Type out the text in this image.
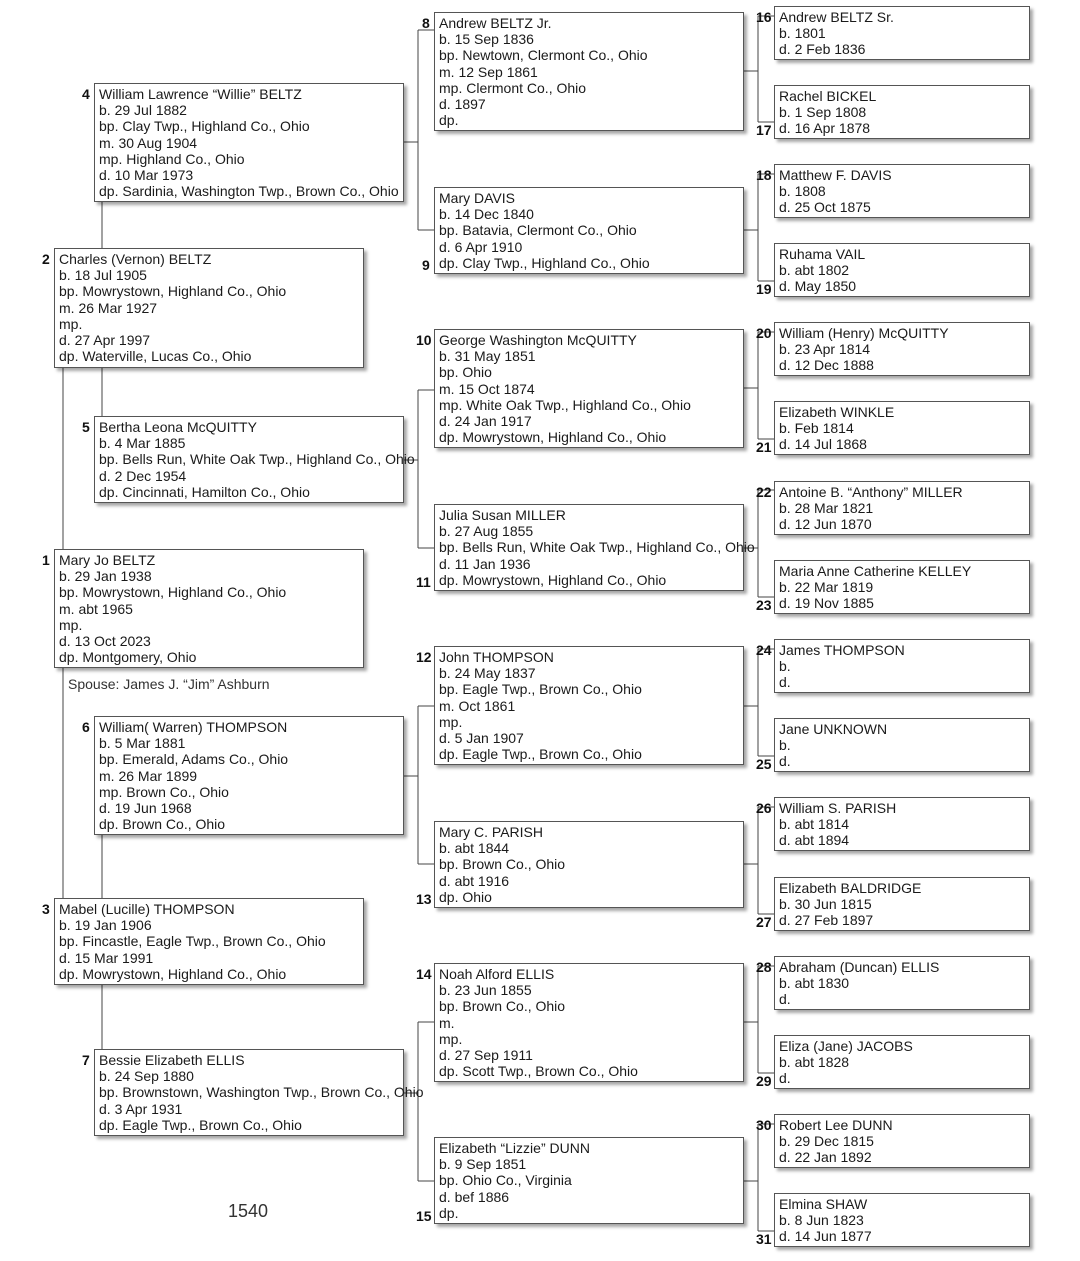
Mary Jo BELTZ
b. 29 Jan 1938
bp. Mowrystown, Highland Co., Ohio
m. abt 1965
mp.
d. 13 Oct 2023
dp. Montgomery, Ohio
1
Charles (Vernon) BELTZ
b. 18 Jul 1905
bp. Mowrystown, Highland Co., Ohio
m. 26 Mar 1927
mp.
d. 27 Apr 1997
dp. Waterville, Lucas Co., Ohio
2
Mabel (Lucille) THOMPSON
b. 19 Jan 1906
bp. Fincastle, Eagle Twp., Brown Co., Ohio
d. 15 Mar 1991
dp. Mowrystown, Highland Co., Ohio
3
William Lawrence “Willie” BELTZ
b. 29 Jul 1882
bp. Clay Twp., Highland Co., Ohio
m. 30 Aug 1904
mp. Highland Co., Ohio
d. 10 Mar 1973
dp. Sardinia, Washington Twp., Brown Co., Ohio
4
Bertha Leona McQUITTY
b. 4 Mar 1885
bp. Bells Run, White Oak Twp., Highland Co., Ohio
d. 2 Dec 1954
dp. Cincinnati, Hamilton Co., Ohio
5
William( Warren) THOMPSON
b. 5 Mar 1881
bp. Emerald, Adams Co., Ohio
m. 26 Mar 1899
mp. Brown Co., Ohio
d. 19 Jun 1968
dp. Brown Co., Ohio
6
Bessie Elizabeth ELLIS
b. 24 Sep 1880
bp. Brownstown, Washington Twp., Brown Co., Ohio
d. 3 Apr 1931
dp. Eagle Twp., Brown Co., Ohio
7
Andrew BELTZ Jr.
b. 15 Sep 1836
bp. Newtown, Clermont Co., Ohio
m. 12 Sep 1861
mp. Clermont Co., Ohio
d. 1897
dp.
8
Mary DAVIS
b. 14 Dec 1840
bp. Batavia, Clermont Co., Ohio
d. 6 Apr 1910
dp. Clay Twp., Highland Co., Ohio
9
George Washington McQUITTY
b. 31 May 1851
bp. Ohio
m. 15 Oct 1874
mp. White Oak Twp., Highland Co., Ohio
d. 24 Jan 1917
dp. Mowrystown, Highland Co., Ohio
10
Julia Susan MILLER
b. 27 Aug 1855
bp. Bells Run, White Oak Twp., Highland Co., Ohio
d. 11 Jan 1936
dp. Mowrystown, Highland Co., Ohio
11
John THOMPSON
b. 24 May 1837
bp. Eagle Twp., Brown Co., Ohio
m. Oct 1861
mp.
d. 5 Jan 1907
dp. Eagle Twp., Brown Co., Ohio
12
Mary C. PARISH
b. abt 1844
bp. Brown Co., Ohio
d. abt 1916
dp. Ohio
13
Noah Alford ELLIS
b. 23 Jun 1855
bp. Brown Co., Ohio
m.
mp.
d. 27 Sep 1911
dp. Scott Twp., Brown Co., Ohio
14
Elizabeth “Lizzie” DUNN
b. 9 Sep 1851
bp. Ohio Co., Virginia
d. bef 1886
dp.
15
Andrew BELTZ Sr.
b. 1801
d. 2 Feb 1836
16
Rachel BICKEL
b. 1 Sep 1808
d. 16 Apr 1878
17
Matthew F. DAVIS
b. 1808
d. 25 Oct 1875
18
Ruhama VAIL
b. abt 1802
d. May 1850
19
William (Henry) McQUITTY
b. 23 Apr 1814
d. 12 Dec 1888
20
Elizabeth WINKLE
b. Feb 1814
d. 14 Jul 1868
21
Antoine B. “Anthony” MILLER
b. 28 Mar 1821
d. 12 Jun 1870
22
Maria Anne Catherine KELLEY
b. 22 Mar 1819
d. 19 Nov 1885
23
James THOMPSON
b.
d.
24
Jane UNKNOWN
b.
d.
25
William S. PARISH
b. abt 1814
d. abt 1894
26
Elizabeth BALDRIDGE
b. 30 Jun 1815
d. 27 Feb 1897
27
Abraham (Duncan) ELLIS
b. abt 1830
d.
28
Eliza (Jane) JACOBS
b. abt 1828
d.
29
Robert Lee DUNN
b. 29 Dec 1815
d. 22 Jan 1892
30
Elmina SHAW
b. 8 Jun 1823
d. 14 Jun 1877
31
Spouse: James J. “Jim” Ashburn
1540
